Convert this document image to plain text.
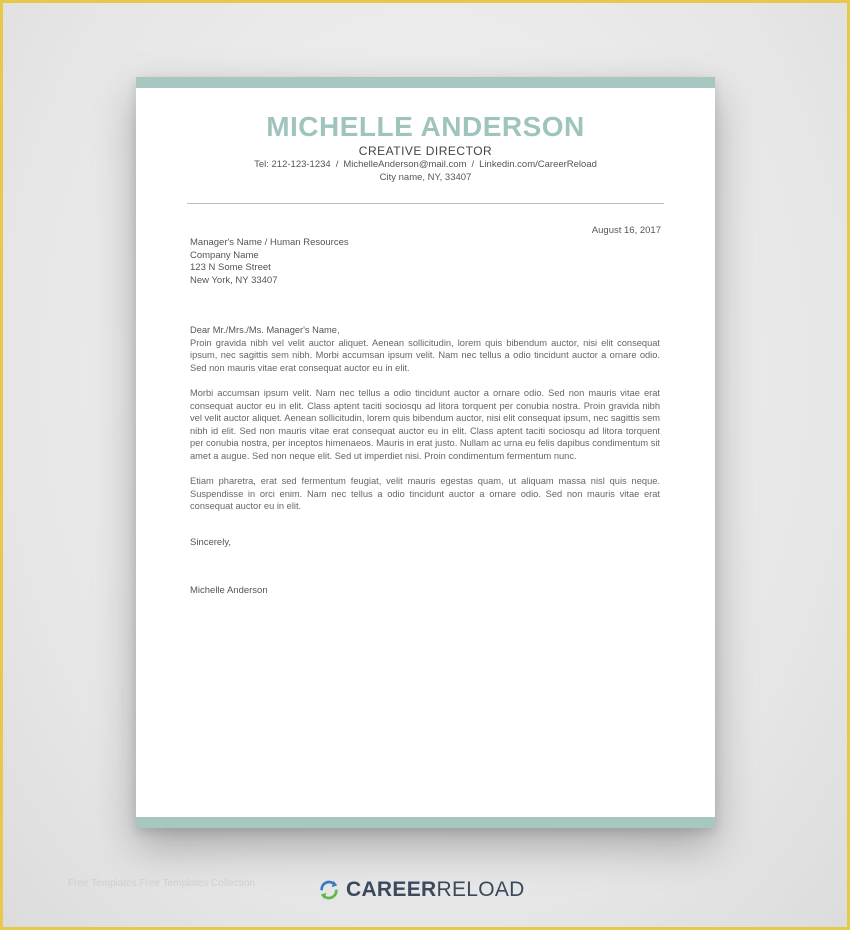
MICHELLE ANDERSON
CREATIVE DIRECTOR
Tel: 212-123-1234 / MichelleAnderson@mail.com / Linkedin.com/CareerReload
City name, NY, 33407
August 16, 2017
Manager's Name / Human Resources
Company Name
123 N Some Street
New York, NY 33407

Dear Mr./Mrs./Ms. Manager's Name,

Proin gravida nibh vel velit auctor aliquet. Aenean sollicitudin, lorem quis bibendum auctor, nisi elit consequat ipsum, nec sagittis sem nibh. Morbi accumsan ipsum velit. Nam nec tellus a odio tincidunt auctor a ornare odio. Sed non mauris vitae erat consequat auctor eu in elit.

Morbi accumsan ipsum velit. Nam nec tellus a odio tincidunt auctor a ornare odio. Sed non mauris vitae erat consequat auctor eu in elit. Class aptent taciti sociosqu ad litora torquent per conubia nostra. Proin gravida nibh vel velit auctor aliquet. Aenean sollicitudin, lorem quis bibendum auctor, nisi elit consequat ipsum, nec sagittis sem nibh id elit. Sed non mauris vitae erat consequat auctor eu in elit. Class aptent taciti sociosqu ad litora torquent per conubia nostra, per inceptos himenaeos. Mauris in erat justo. Nullam ac urna eu felis dapibus condimentum sit amet a augue. Sed non neque elit. Sed ut imperdiet nisi. Proin condimentum fermentum nunc.

Etiam pharetra, erat sed fermentum feugiat, velit mauris egestas quam, ut aliquam massa nisl quis neque. Suspendisse in orci enim. Nam nec tellus a odio tincidunt auctor a ornare odio. Sed non mauris vitae erat consequat auctor eu in elit.

Sincerely,
Michelle Anderson
Free Templates Free Templates Collection	CAREER RELOAD
